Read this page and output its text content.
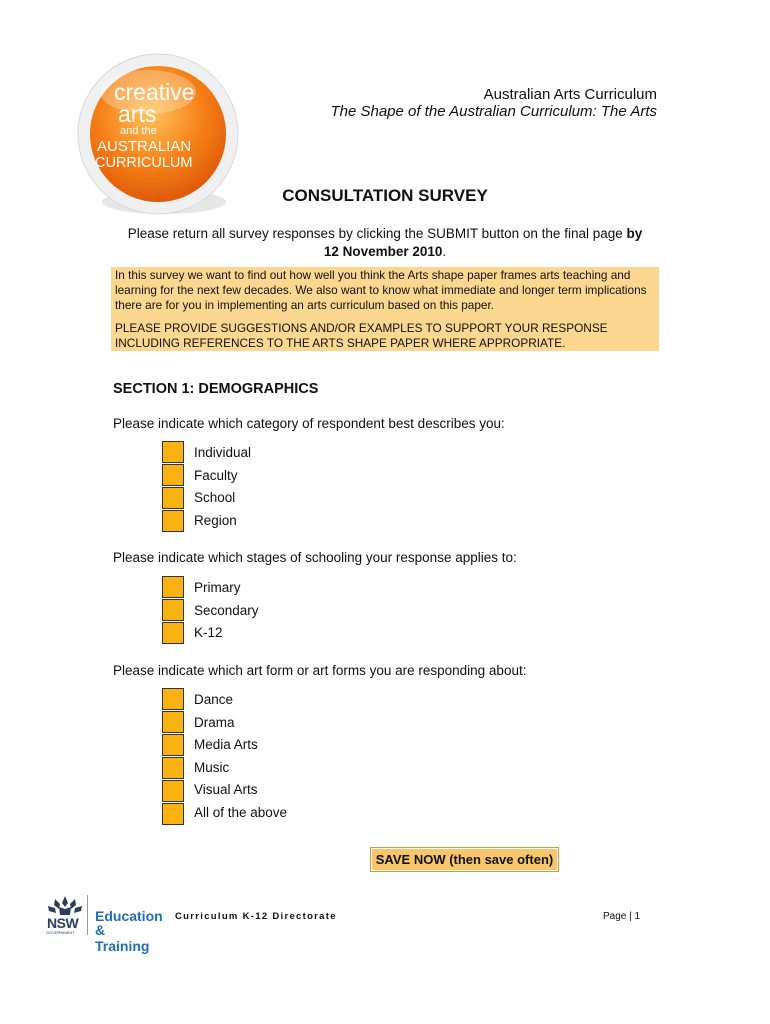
creative
arts
and the
AUSTRALIAN
CURRICULUM
Australian Arts Curriculum
The Shape of the Australian Curriculum: The Arts
CONSULTATION SURVEY
Please return all survey responses by clicking the SUBMIT button on the final page by
12 November 2010.

In this survey we want to find out how well you think the Arts shape paper frames arts teaching and learning for the next few decades. We also want to know what immediate and longer term implications there are for you in implementing an arts curriculum based on this paper.

PLEASE PROVIDE SUGGESTIONS AND/OR EXAMPLES TO SUPPORT YOUR RESPONSE INCLUDING REFERENCES TO THE ARTS SHAPE PAPER WHERE APPROPRIATE.

SECTION 1: DEMOGRAPHICS
Please indicate which category of respondent best describes you:
Individual
Faculty
School
Region
Please indicate which stages of schooling your response applies to:
Primary
Secondary
K-12
Please indicate which art form or art forms you are responding about:
Dance
Drama
Media Arts
Music
Visual Arts
All of the above
SAVE NOW (then save often)
NSW
GOVERNMENT
Education
& Training
Curriculum K-12 Directorate	Page | 1
